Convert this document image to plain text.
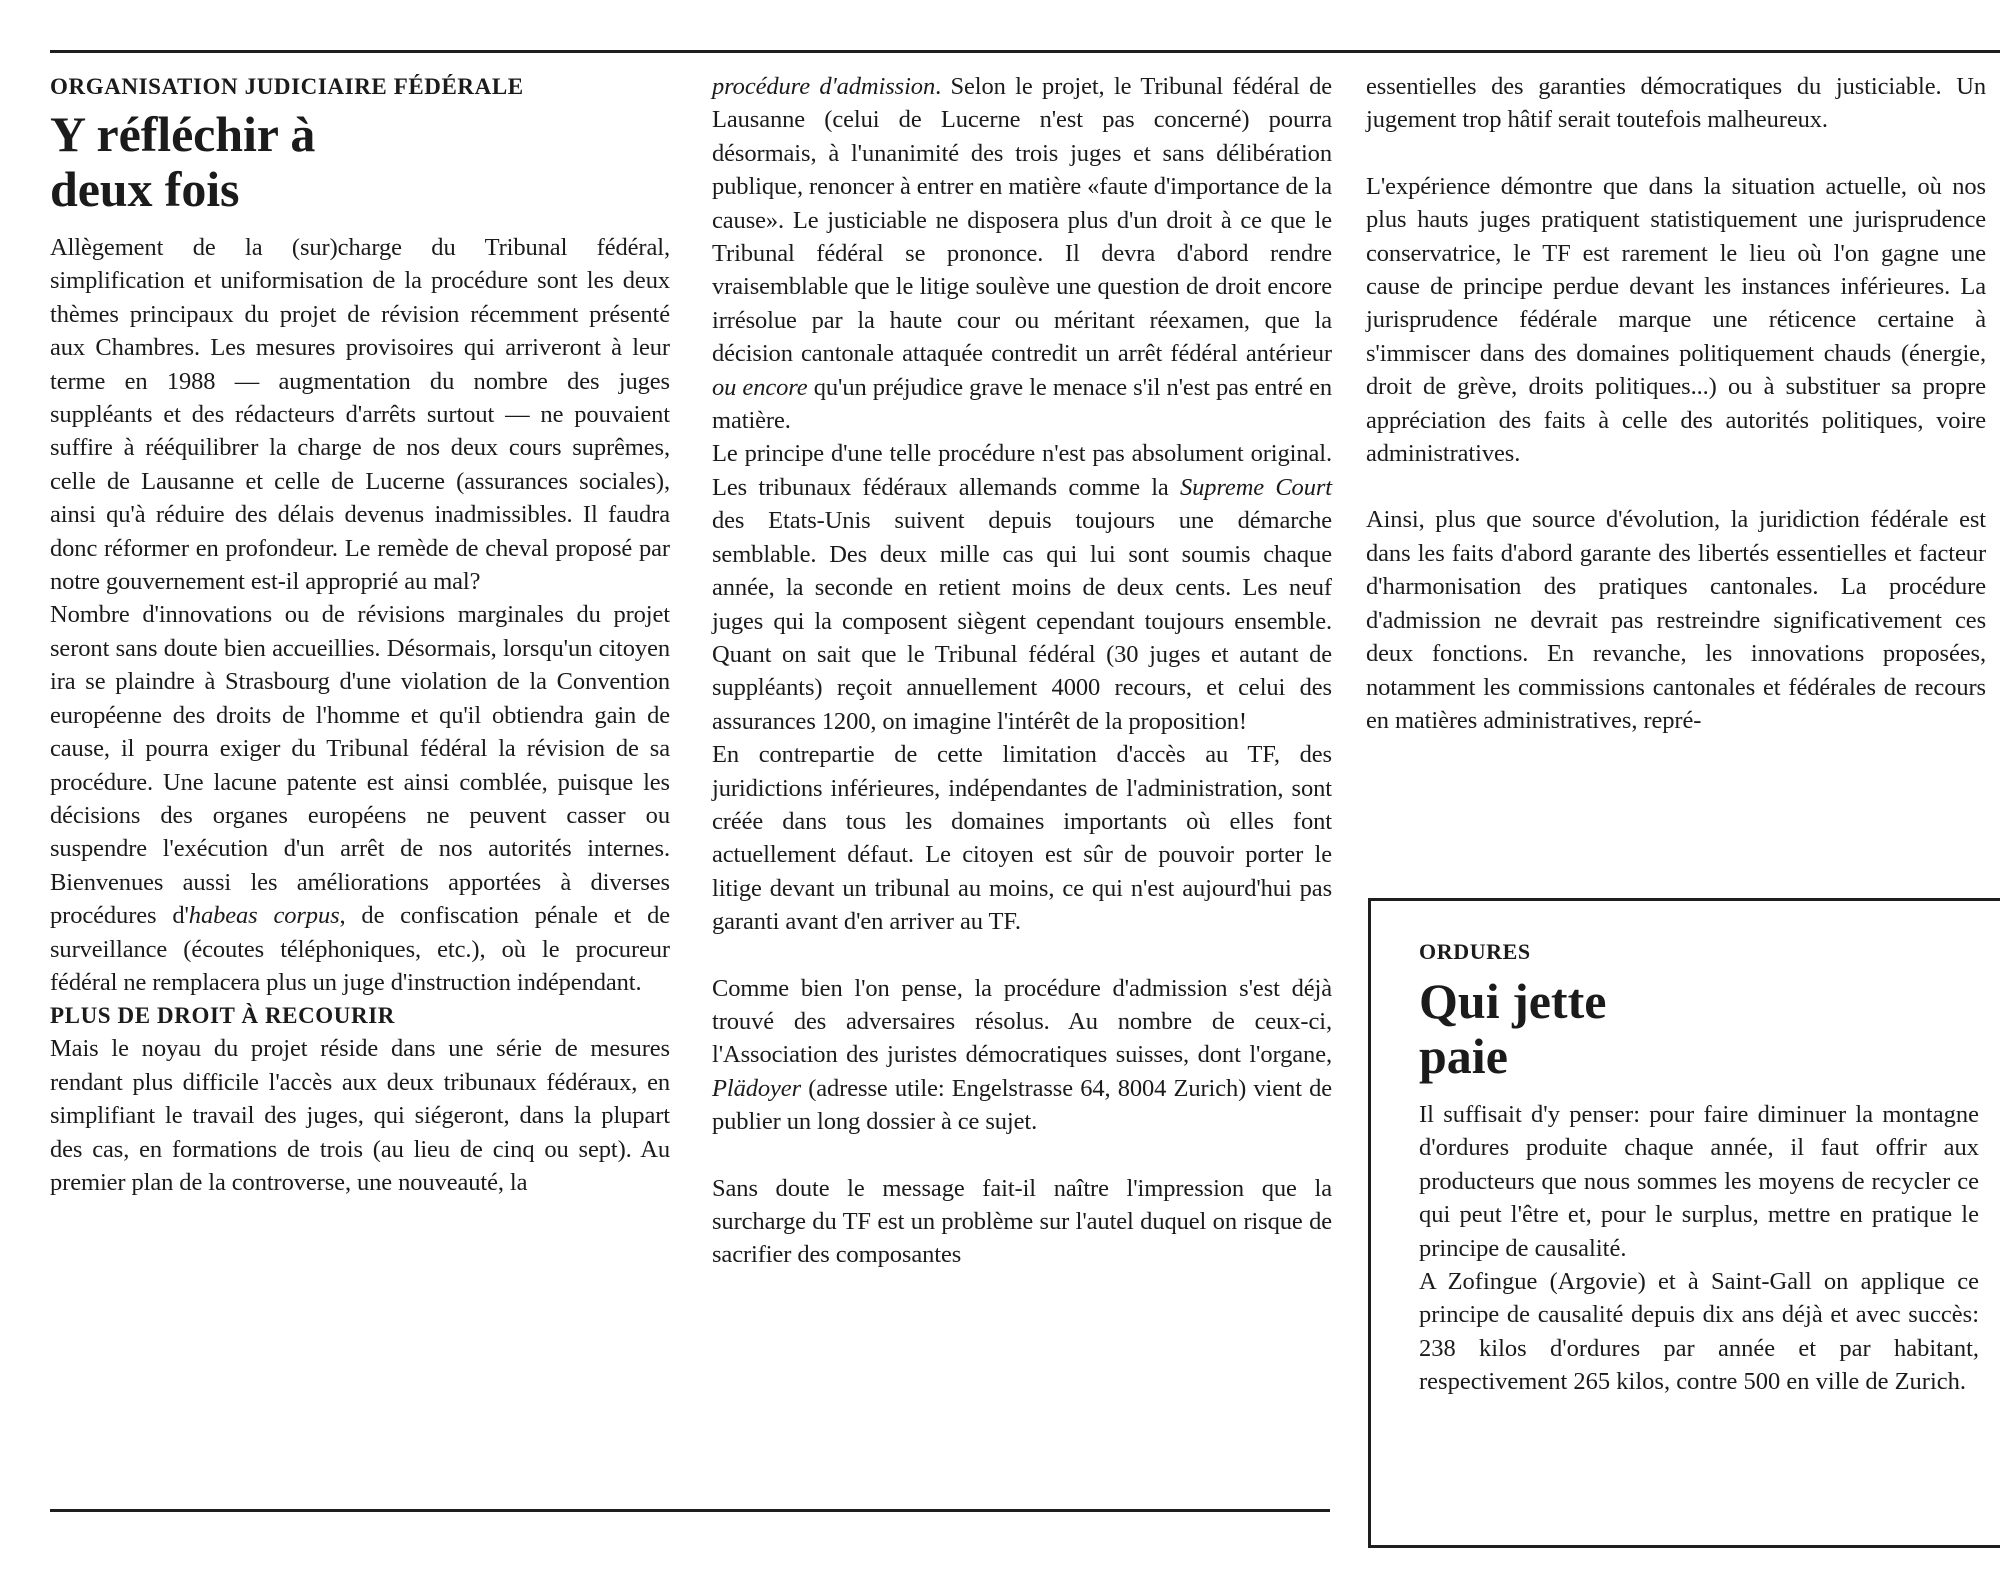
ORGANISATION JUDICIAIRE FÉDÉRALE

Y réfléchir à deux fois

Allègement de la (sur)charge du Tribunal fédéral, simplification et uniformisation de la procédure sont les deux thèmes principaux du projet de révision récemment présenté aux Chambres. Les mesures provisoires qui arriveront à leur terme en 1988 — augmentation du nombre des juges suppléants et des rédacteurs d'arrêts surtout — ne pouvaient suffire à rééquilibrer la charge de nos deux cours suprêmes, celle de Lausanne et celle de Lucerne (assurances sociales), ainsi qu'à réduire des délais devenus inadmissibles. Il faudra donc réformer en profondeur. Le remède de cheval proposé par notre gouvernement est-il approprié au mal?

Nombre d'innovations ou de révisions marginales du projet seront sans doute bien accueillies. Désormais, lorsqu'un citoyen ira se plaindre à Strasbourg d'une violation de la Convention européenne des droits de l'homme et qu'il obtiendra gain de cause, il pourra exiger du Tribunal fédéral la révision de sa procédure. Une lacune patente est ainsi comblée, puisque les décisions des organes européens ne peuvent casser ou suspendre l'exécution d'un arrêt de nos autorités internes. Bienvenues aussi les améliorations apportées à diverses procédures d'habeas corpus, de confiscation pénale et de surveillance (écoutes téléphoniques, etc.), où le procureur fédéral ne remplacera plus un juge d'instruction indépendant.

PLUS DE DROIT À RECOURIR

Mais le noyau du projet réside dans une série de mesures rendant plus difficile l'accès aux deux tribunaux fédéraux, en simplifiant le travail des juges, qui siégeront, dans la plupart des cas, en formations de trois (au lieu de cinq ou sept). Au premier plan de la controverse, une nouveauté, la

procédure d'admission. Selon le projet, le Tribunal fédéral de Lausanne (celui de Lucerne n'est pas concerné) pourra désormais, à l'unanimité des trois juges et sans délibération publique, renoncer à entrer en matière «faute d'importance de la cause». Le justiciable ne disposera plus d'un droit à ce que le Tribunal fédéral se prononce. Il devra d'abord rendre vraisemblable que le litige soulève une question de droit encore irrésolue par la haute cour ou méritant réexamen, que la décision cantonale attaquée contredit un arrêt fédéral antérieur ou encore qu'un préjudice grave le menace s'il n'est pas entré en matière.

Le principe d'une telle procédure n'est pas absolument original. Les tribunaux fédéraux allemands comme la Supreme Court des Etats-Unis suivent depuis toujours une démarche semblable. Des deux mille cas qui lui sont soumis chaque année, la seconde en retient moins de deux cents. Les neuf juges qui la composent siègent cependant toujours ensemble. Quant on sait que le Tribunal fédéral (30 juges et autant de suppléants) reçoit annuellement 4000 recours, et celui des assurances 1200, on imagine l'intérêt de la proposition!

En contrepartie de cette limitation d'accès au TF, des juridictions inférieures, indépendantes de l'administration, sont créée dans tous les domaines importants où elles font actuellement défaut. Le citoyen est sûr de pouvoir porter le litige devant un tribunal au moins, ce qui n'est aujourd'hui pas garanti avant d'en arriver au TF.

Comme bien l'on pense, la procédure d'admission s'est déjà trouvé des adversaires résolus. Au nombre de ceux-ci, l'Association des juristes démocratiques suisses, dont l'organe, Plädoyer (adresse utile: Engelstrasse 64, 8004 Zurich) vient de publier un long dossier à ce sujet.

Sans doute le message fait-il naître l'impression que la surcharge du TF est un problème sur l'autel duquel on risque de sacrifier des composantes

essentielles des garanties démocratiques du justiciable. Un jugement trop hâtif serait toutefois malheureux.

L'expérience démontre que dans la situation actuelle, où nos plus hauts juges pratiquent statistiquement une jurisprudence conservatrice, le TF est rarement le lieu où l'on gagne une cause de principe perdue devant les instances inférieures. La jurisprudence fédérale marque une réticence certaine à s'immiscer dans des domaines politiquement chauds (énergie, droit de grève, droits politiques...) ou à substituer sa propre appréciation des faits à celle des autorités politiques, voire administratives.

Ainsi, plus que source d'évolution, la juridiction fédérale est dans les faits d'abord garante des libertés essentielles et facteur d'harmonisation des pratiques cantonales. La procédure d'admission ne devrait pas restreindre significativement ces deux fonctions. En revanche, les innovations proposées, notamment les commissions cantonales et fédérales de recours en matières administratives, repré-

ORDURES

Qui jette paie

Il suffisait d'y penser: pour faire diminuer la montagne d'ordures produite chaque année, il faut offrir aux producteurs que nous sommes les moyens de recycler ce qui peut l'être et, pour le surplus, mettre en pratique le principe de causalité.

A Zofingue (Argovie) et à Saint-Gall on applique ce principe de causalité depuis dix ans déjà et avec succès: 238 kilos d'ordures par année et par habitant, respectivement 265 kilos, contre 500 en ville de Zurich.
